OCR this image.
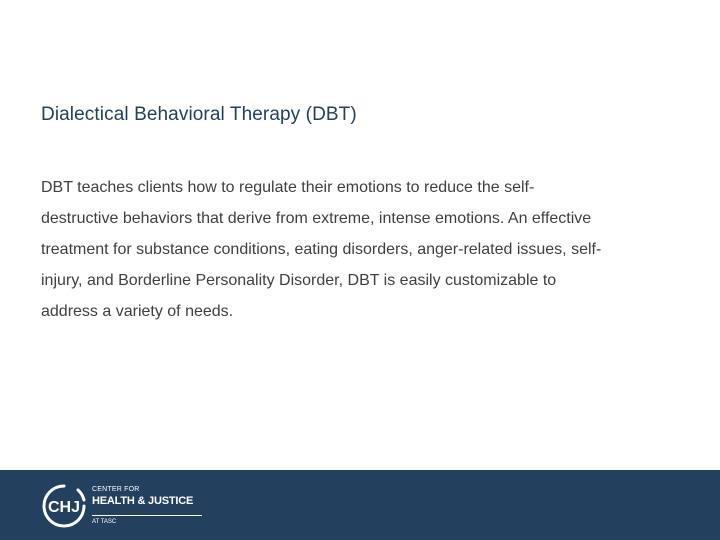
Dialectical Behavioral Therapy (DBT)
DBT teaches clients how to regulate their emotions to reduce the self-
destructive behaviors that derive from extreme, intense emotions. An effective
treatment for substance conditions, eating disorders, anger-related issues, self-
injury, and Borderline Personality Disorder, DBT is easily customizable to
address a variety of needs.
CHJ
CENTER FOR
HEALTH & JUSTICE
AT TASC
